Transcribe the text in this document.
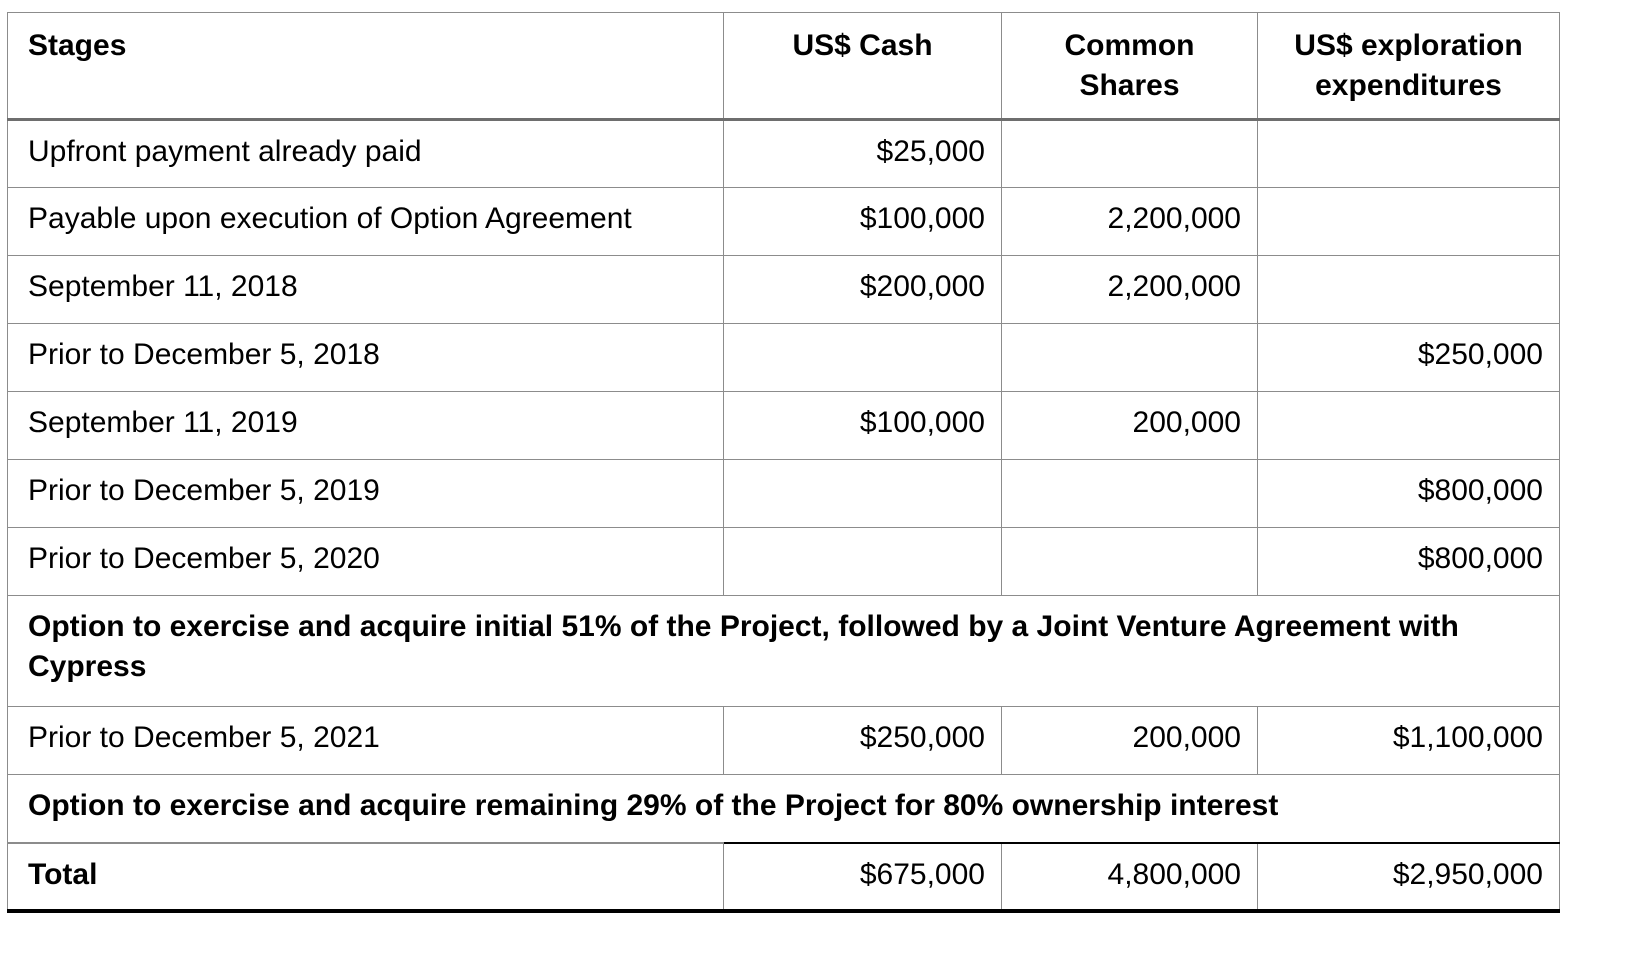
Stages	US$ Cash	Common Shares	US$ exploration expenditures
Upfront payment already paid	$25,000		
Payable upon execution of Option Agreement	$100,000	2,200,000	
September 11, 2018	$200,000	2,200,000	
Prior to December 5, 2018			$250,000
September 11, 2019	$100,000	200,000	
Prior to December 5, 2019			$800,000
Prior to December 5, 2020			$800,000
Option to exercise and acquire initial 51% of the Project, followed by a Joint Venture Agreement with Cypress			
Prior to December 5, 2021	$250,000	200,000	$1,100,000
Option to exercise and acquire remaining 29% of the Project for 80% ownership interest			
Total	$675,000	4,800,000	$2,950,000
